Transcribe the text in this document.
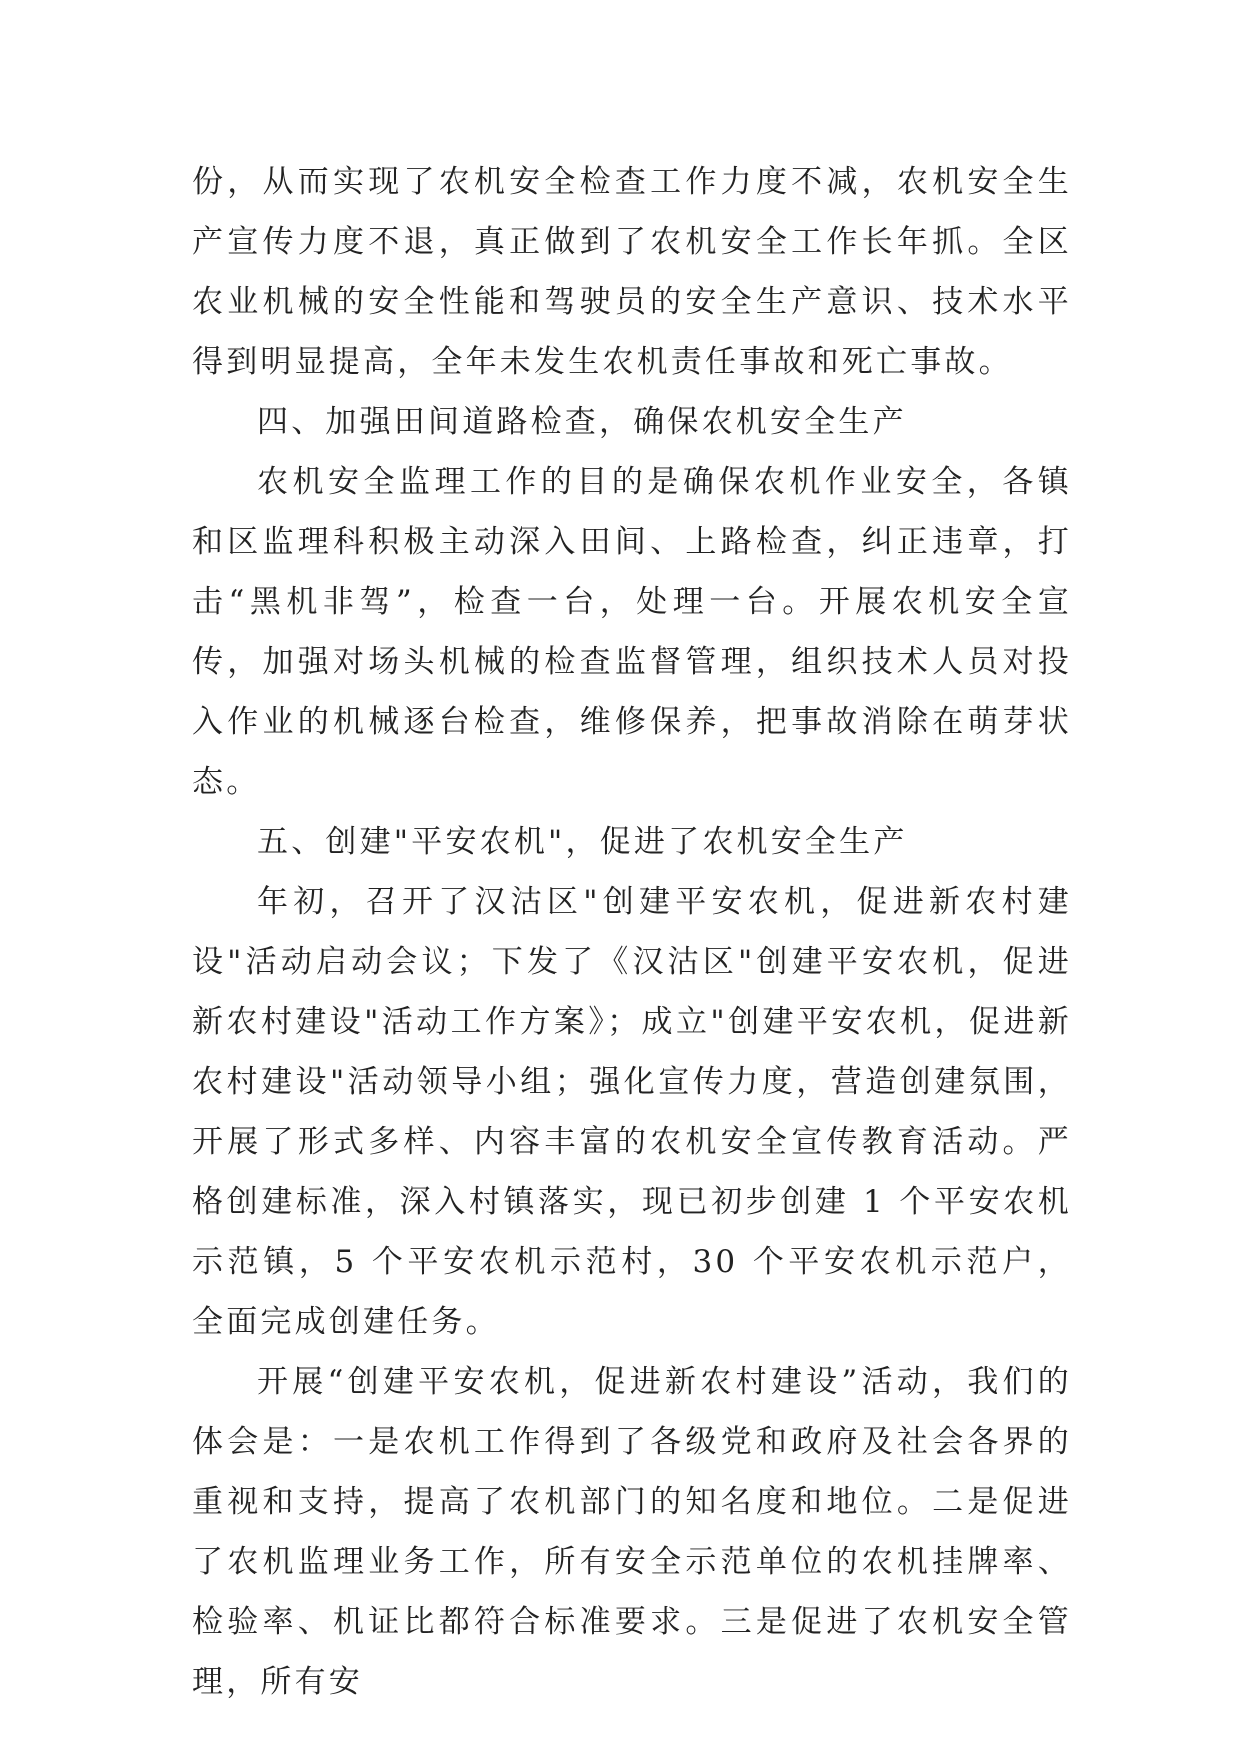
份，从而实现了农机安全检查工作力度不减，农机安全生产宣传力度不退，真正做到了农机安全工作长年抓。全区农业机械的安全性能和驾驶员的安全生产意识、技术水平得到明显提高，全年未发生农机责任事故和死亡事故。

四、加强田间道路检查，确保农机安全生产

农机安全监理工作的目的是确保农机作业安全，各镇和区监理科积极主动深入田间、上路检查，纠正违章，打击“黑机非驾”，检查一台，处理一台。开展农机安全宣传，加强对场头机械的检查监督管理，组织技术人员对投入作业的机械逐台检查，维修保养，把事故消除在萌芽状态。

五、创建"平安农机"，促进了农机安全生产

年初，召开了汉沽区"创建平安农机，促进新农村建设"活动启动会议；下发了《汉沽区"创建平安农机，促进新农村建设"活动工作方案》；成立"创建平安农机，促进新农村建设"活动领导小组；强化宣传力度，营造创建氛围，开展了形式多样、内容丰富的农机安全宣传教育活动。严格创建标准，深入村镇落实，现已初步创建 1 个平安农机示范镇，5 个平安农机示范村，30 个平安农机示范户，全面完成创建任务。

开展“创建平安农机，促进新农村建设”活动，我们的体会是：一是农机工作得到了各级党和政府及社会各界的重视和支持，提高了农机部门的知名度和地位。二是促进了农机监理业务工作，所有安全示范单位的农机挂牌率、检验率、机证比都符合标准要求。三是促进了农机安全管理，所有安
